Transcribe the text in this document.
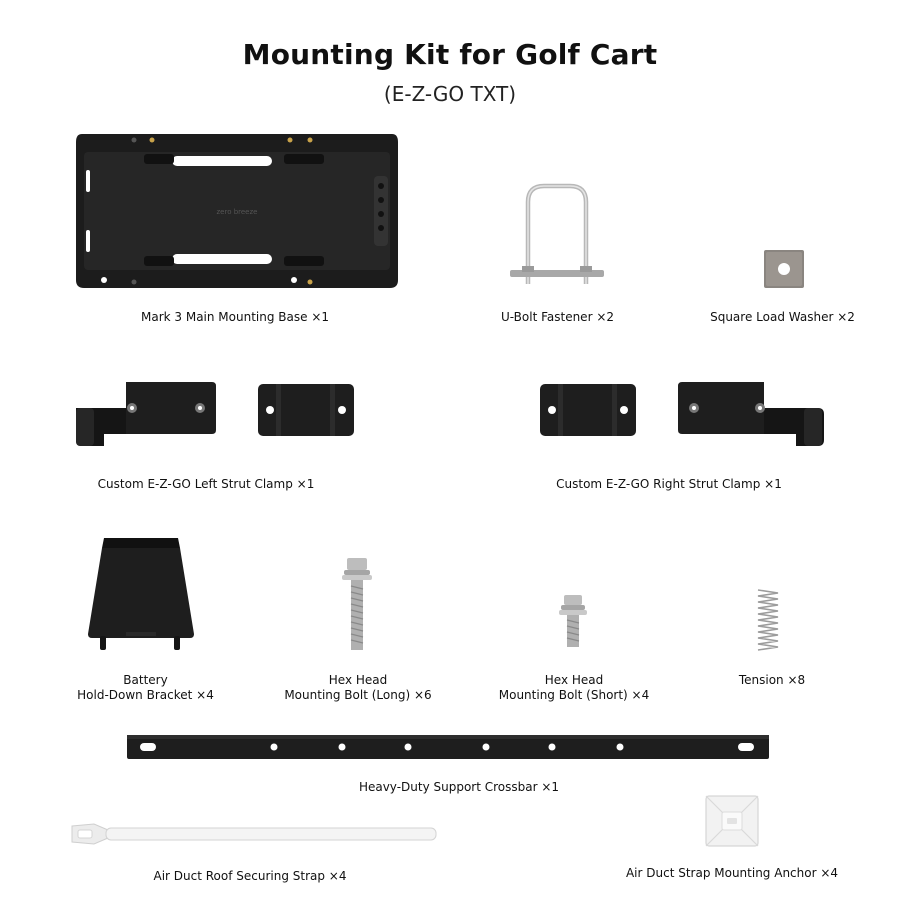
Mounting Kit for Golf Cart
(E-Z-GO TXT)
zero breeze
Mark 3 Main Mounting Base ×1	U-Bolt Fastener ×2	Square Load Washer ×2
Custom E-Z-GO Left Strut Clamp ×1	Custom E-Z-GO Right Strut Clamp ×1
Battery
Hold-Down Bracket ×4
Hex Head
Mounting Bolt (Long) ×6
Hex Head
Mounting Bolt (Short) ×4
Tension ×8
Heavy-Duty Support Crossbar ×1
Air Duct Roof Securing Strap ×4	Air Duct Strap Mounting Anchor ×4
